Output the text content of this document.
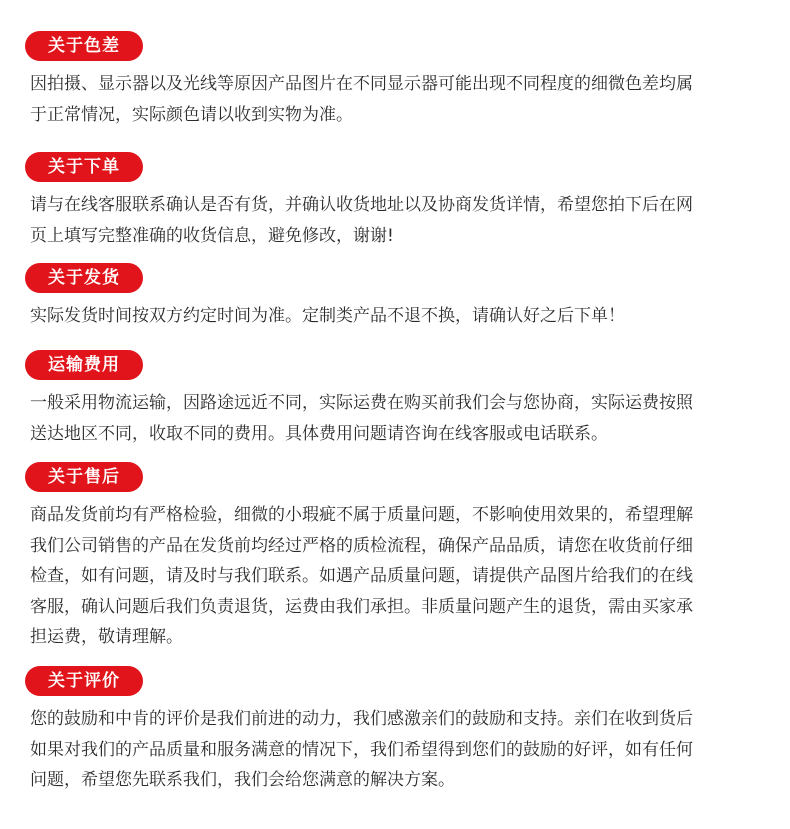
关于色差
因拍摄、显示器以及光线等原因产品图片在不同显示器可能出现不同程度的细微色差均属
于正常情况，实际颜色请以收到实物为准。
关于下单
请与在线客服联系确认是否有货，并确认收货地址以及协商发货详情，希望您拍下后在网
页上填写完整准确的收货信息，避免修改，谢谢!
关于发货
实际发货时间按双方约定时间为准。定制类产品不退不换，请确认好之后下单！
运输费用
一般采用物流运输，因路途远近不同，实际运费在购买前我们会与您协商，实际运费按照
送达地区不同，收取不同的费用。具体费用问题请咨询在线客服或电话联系。
关于售后
商品发货前均有严格检验，细微的小瑕疵不属于质量问题，不影响使用效果的，希望理解
我们公司销售的产品在发货前均经过严格的质检流程，确保产品品质，请您在收货前仔细
检查，如有问题，请及时与我们联系。如遇产品质量问题，请提供产品图片给我们的在线
客服，确认问题后我们负责退货，运费由我们承担。非质量问题产生的退货，需由买家承
担运费，敬请理解。
关于评价
您的鼓励和中肯的评价是我们前进的动力，我们感激亲们的鼓励和支持。亲们在收到货后
如果对我们的产品质量和服务满意的情况下，我们希望得到您们的鼓励的好评，如有任何
问题，希望您先联系我们，我们会给您满意的解决方案。
